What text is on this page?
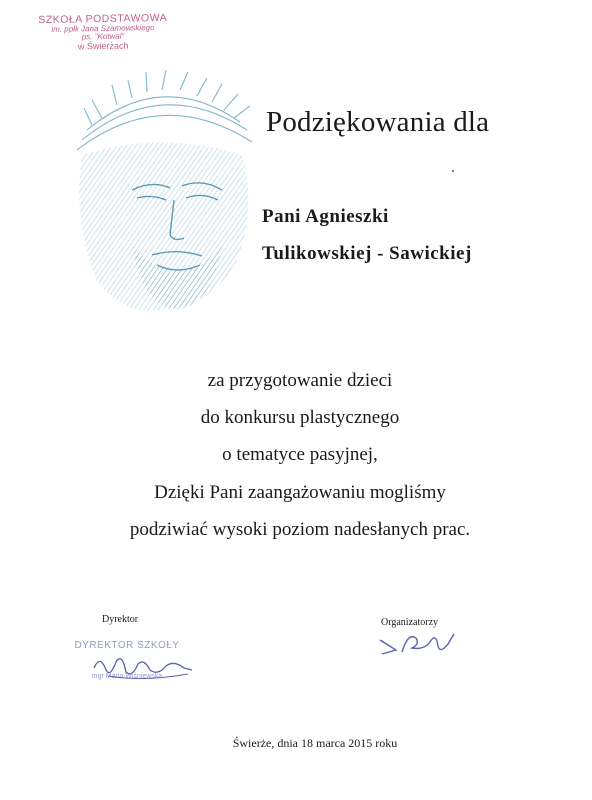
SZKOŁA PODSTAWOWA
im. ppłk Jana Szamowskiego
ps. "Kotwal"
w Świerżach
Podziękowania dla
Pani Agnieszki
Tulikowskiej - Sawickiej
za przygotowanie dzieci
do konkursu plastycznego
o tematyce pasyjnej,
Dzięki Pani zaangażowaniu mogliśmy
podziwiać wysoki poziom nadesłanych prac.
Dyrektor
DYREKTOR SZKOŁY
mgr Maria Wiśniewska
Organizatorzy
Świerże, dnia 18 marca 2015 roku
